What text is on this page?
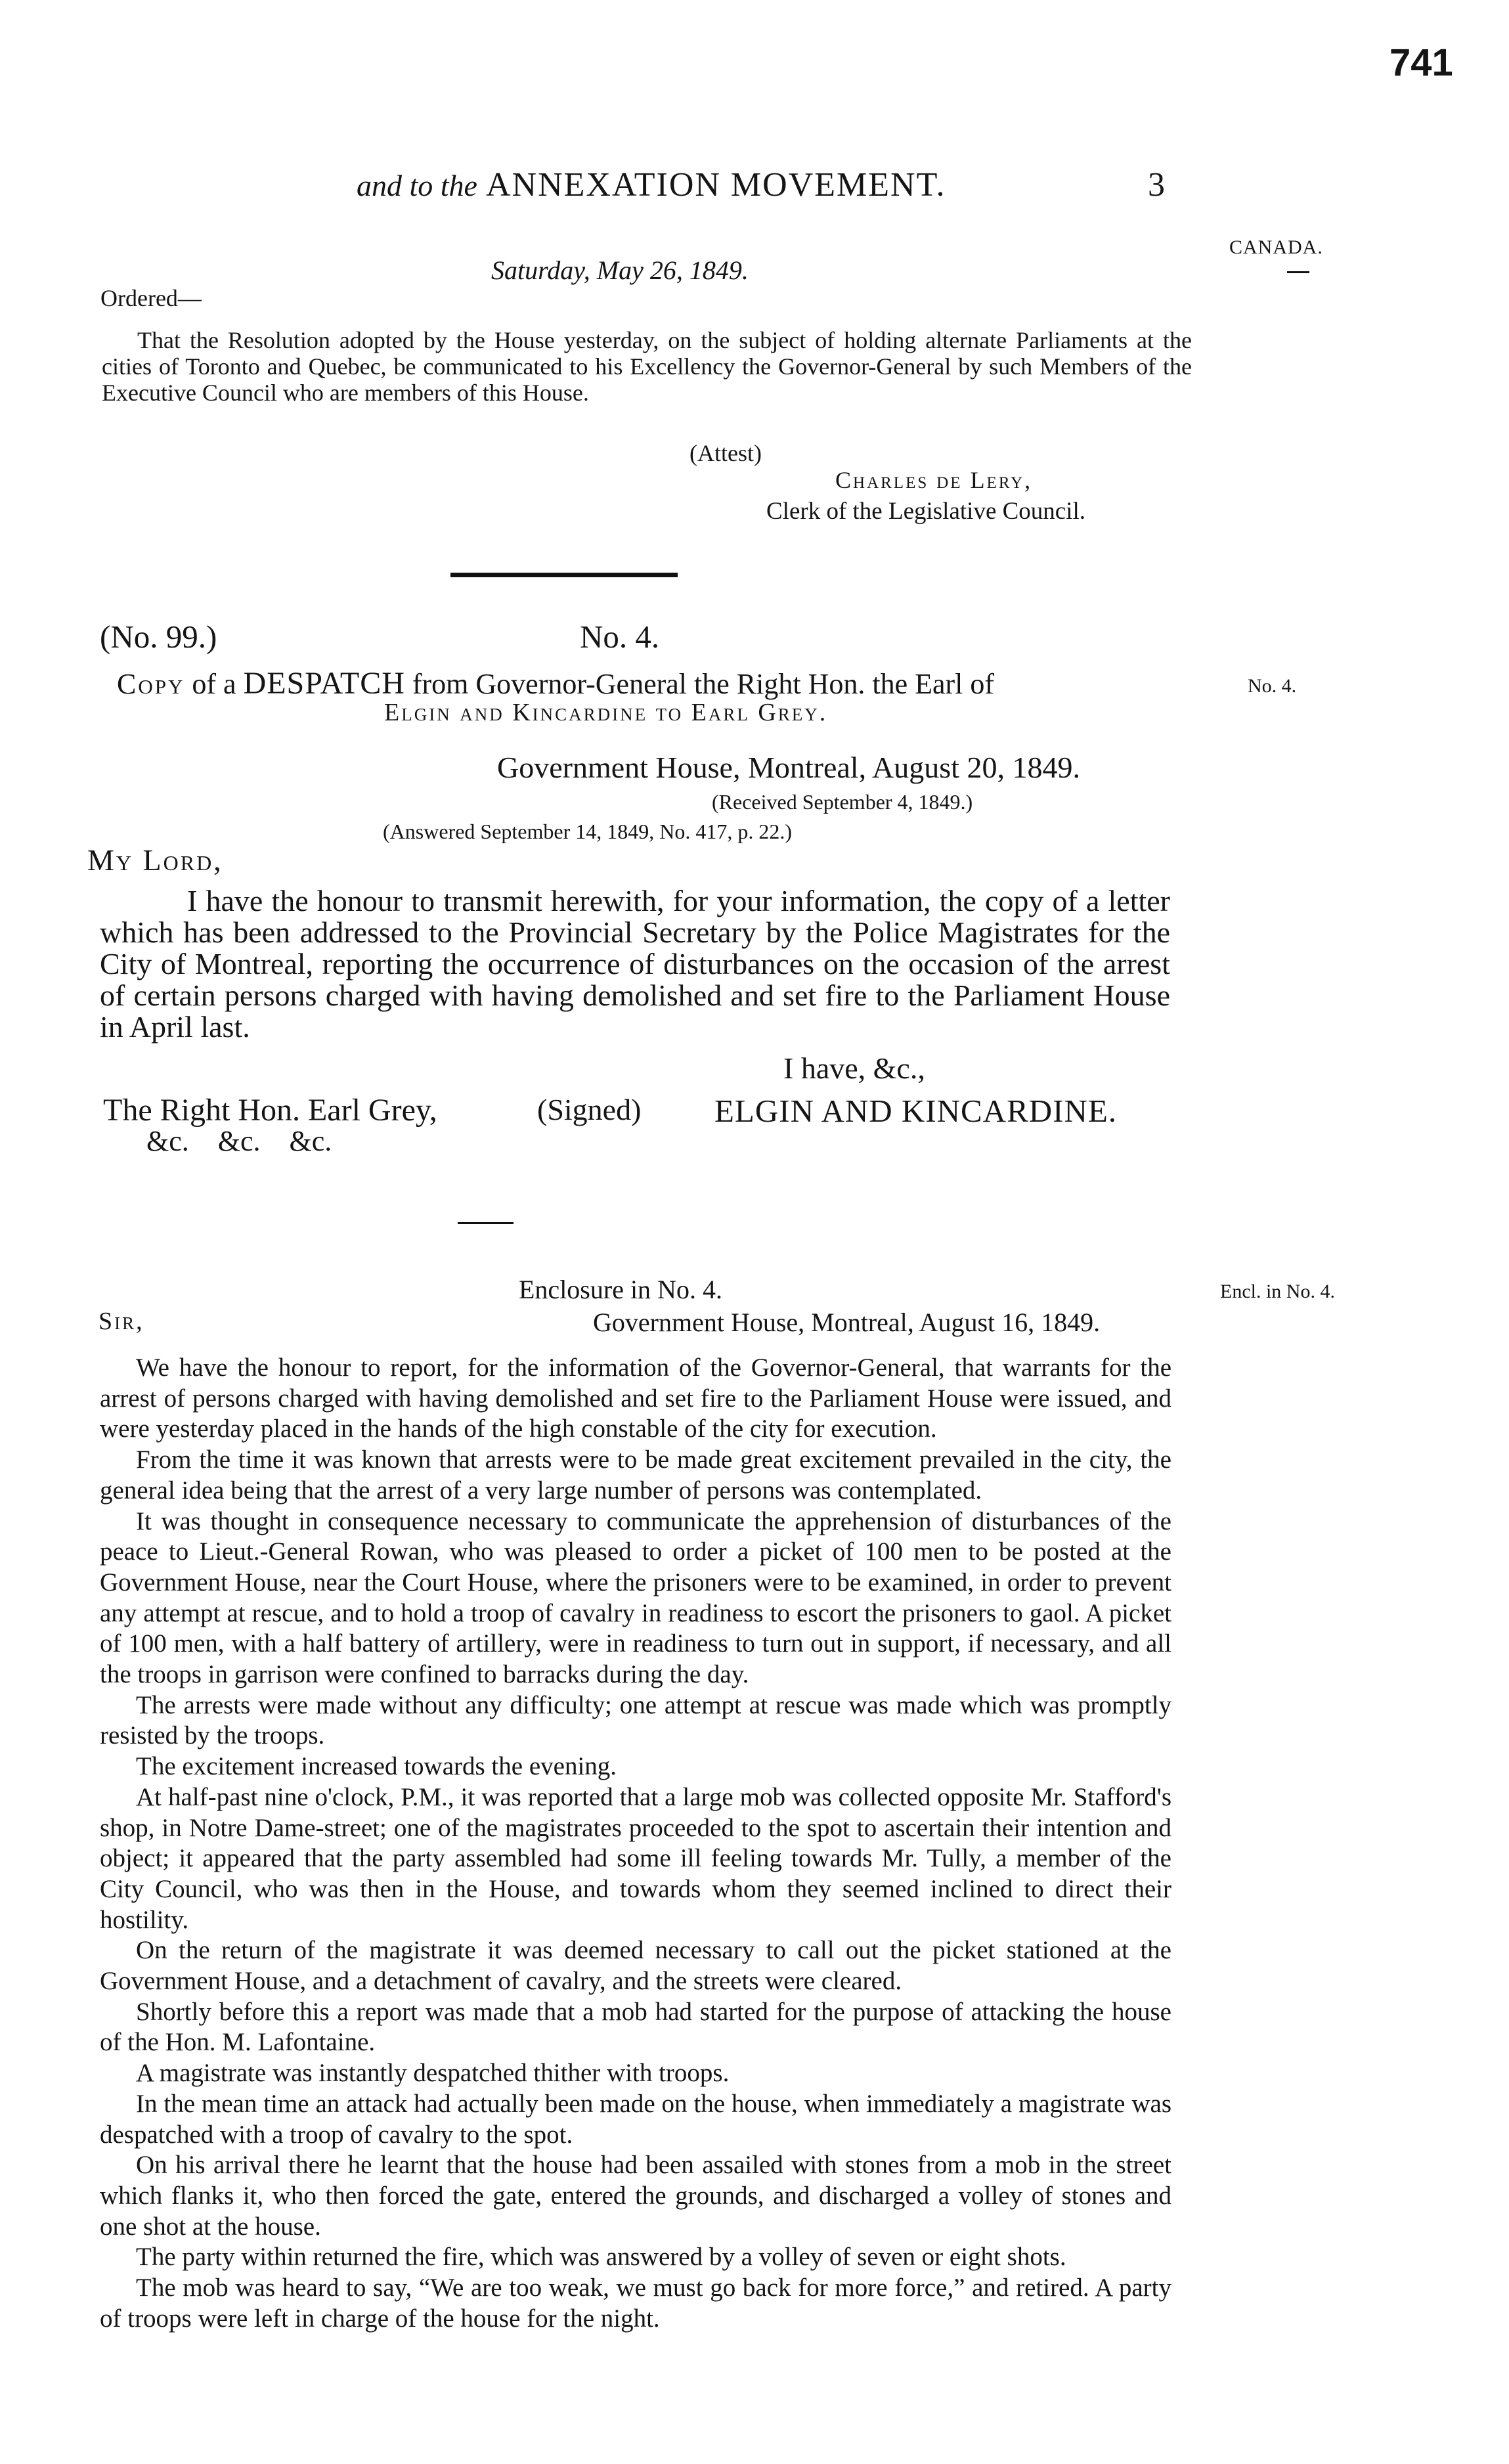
741
and to the ANNEXATION MOVEMENT.	3
CANADA.
No. 4.
Encl. in No. 4.
Saturday, May 26, 1849.
Ordered—
That the Resolution adopted by the House yesterday, on the subject of holding alternate Parliaments at the cities of Toronto and Quebec, be communicated to his Excellency the Governor-General by such Members of the Executive Council who are members of this House.
(Attest)
Charles de Lery,
Clerk of the Legislative Council.
(No. 99.)	No. 4.
Copy of a DESPATCH from Governor-General the Right Hon. the Earl of
Elgin and Kincardine to Earl Grey.
Government House, Montreal, August 20, 1849.
(Received September 4, 1849.)
(Answered September 14, 1849, No. 417, p. 22.)
My Lord,
I have the honour to transmit herewith, for your information, the copy of a letter which has been addressed to the Provincial Secretary by the Police Magistrates for the City of Montreal, reporting the occurrence of disturbances on the occasion of the arrest of certain persons charged with having demolished and set fire to the Parliament House in April last.
I have, &c.,
The Right Hon. Earl Grey,
&c.    &c.    &c.
(Signed) ELGIN AND KINCARDINE.
Enclosure in No. 4.
Sir,	Government House, Montreal, August 16, 1849.

We have the honour to report, for the information of the Governor-General, that warrants for the arrest of persons charged with having demolished and set fire to the Parliament House were issued, and were yesterday placed in the hands of the high constable of the city for execution.

From the time it was known that arrests were to be made great excitement prevailed in the city, the general idea being that the arrest of a very large number of persons was contemplated.

It was thought in consequence necessary to communicate the apprehension of disturbances of the peace to Lieut.-General Rowan, who was pleased to order a picket of 100 men to be posted at the Government House, near the Court House, where the prisoners were to be examined, in order to prevent any attempt at rescue, and to hold a troop of cavalry in readiness to escort the prisoners to gaol. A picket of 100 men, with a half battery of artillery, were in readiness to turn out in support, if necessary, and all the troops in garrison were confined to barracks during the day.

The arrests were made without any difficulty; one attempt at rescue was made which was promptly resisted by the troops.

The excitement increased towards the evening.

At half-past nine o'clock, P.M., it was reported that a large mob was collected opposite Mr. Stafford's shop, in Notre Dame-street; one of the magistrates proceeded to the spot to ascertain their intention and object; it appeared that the party assembled had some ill feeling towards Mr. Tully, a member of the City Council, who was then in the House, and towards whom they seemed inclined to direct their hostility.

On the return of the magistrate it was deemed necessary to call out the picket stationed at the Government House, and a detachment of cavalry, and the streets were cleared.

Shortly before this a report was made that a mob had started for the purpose of attacking the house of the Hon. M. Lafontaine.

A magistrate was instantly despatched thither with troops.

In the mean time an attack had actually been made on the house, when immediately a magistrate was despatched with a troop of cavalry to the spot.

On his arrival there he learnt that the house had been assailed with stones from a mob in the street which flanks it, who then forced the gate, entered the grounds, and discharged a volley of stones and one shot at the house.

The party within returned the fire, which was answered by a volley of seven or eight shots.

The mob was heard to say, “We are too weak, we must go back for more force,” and retired. A party of troops were left in charge of the house for the night.
